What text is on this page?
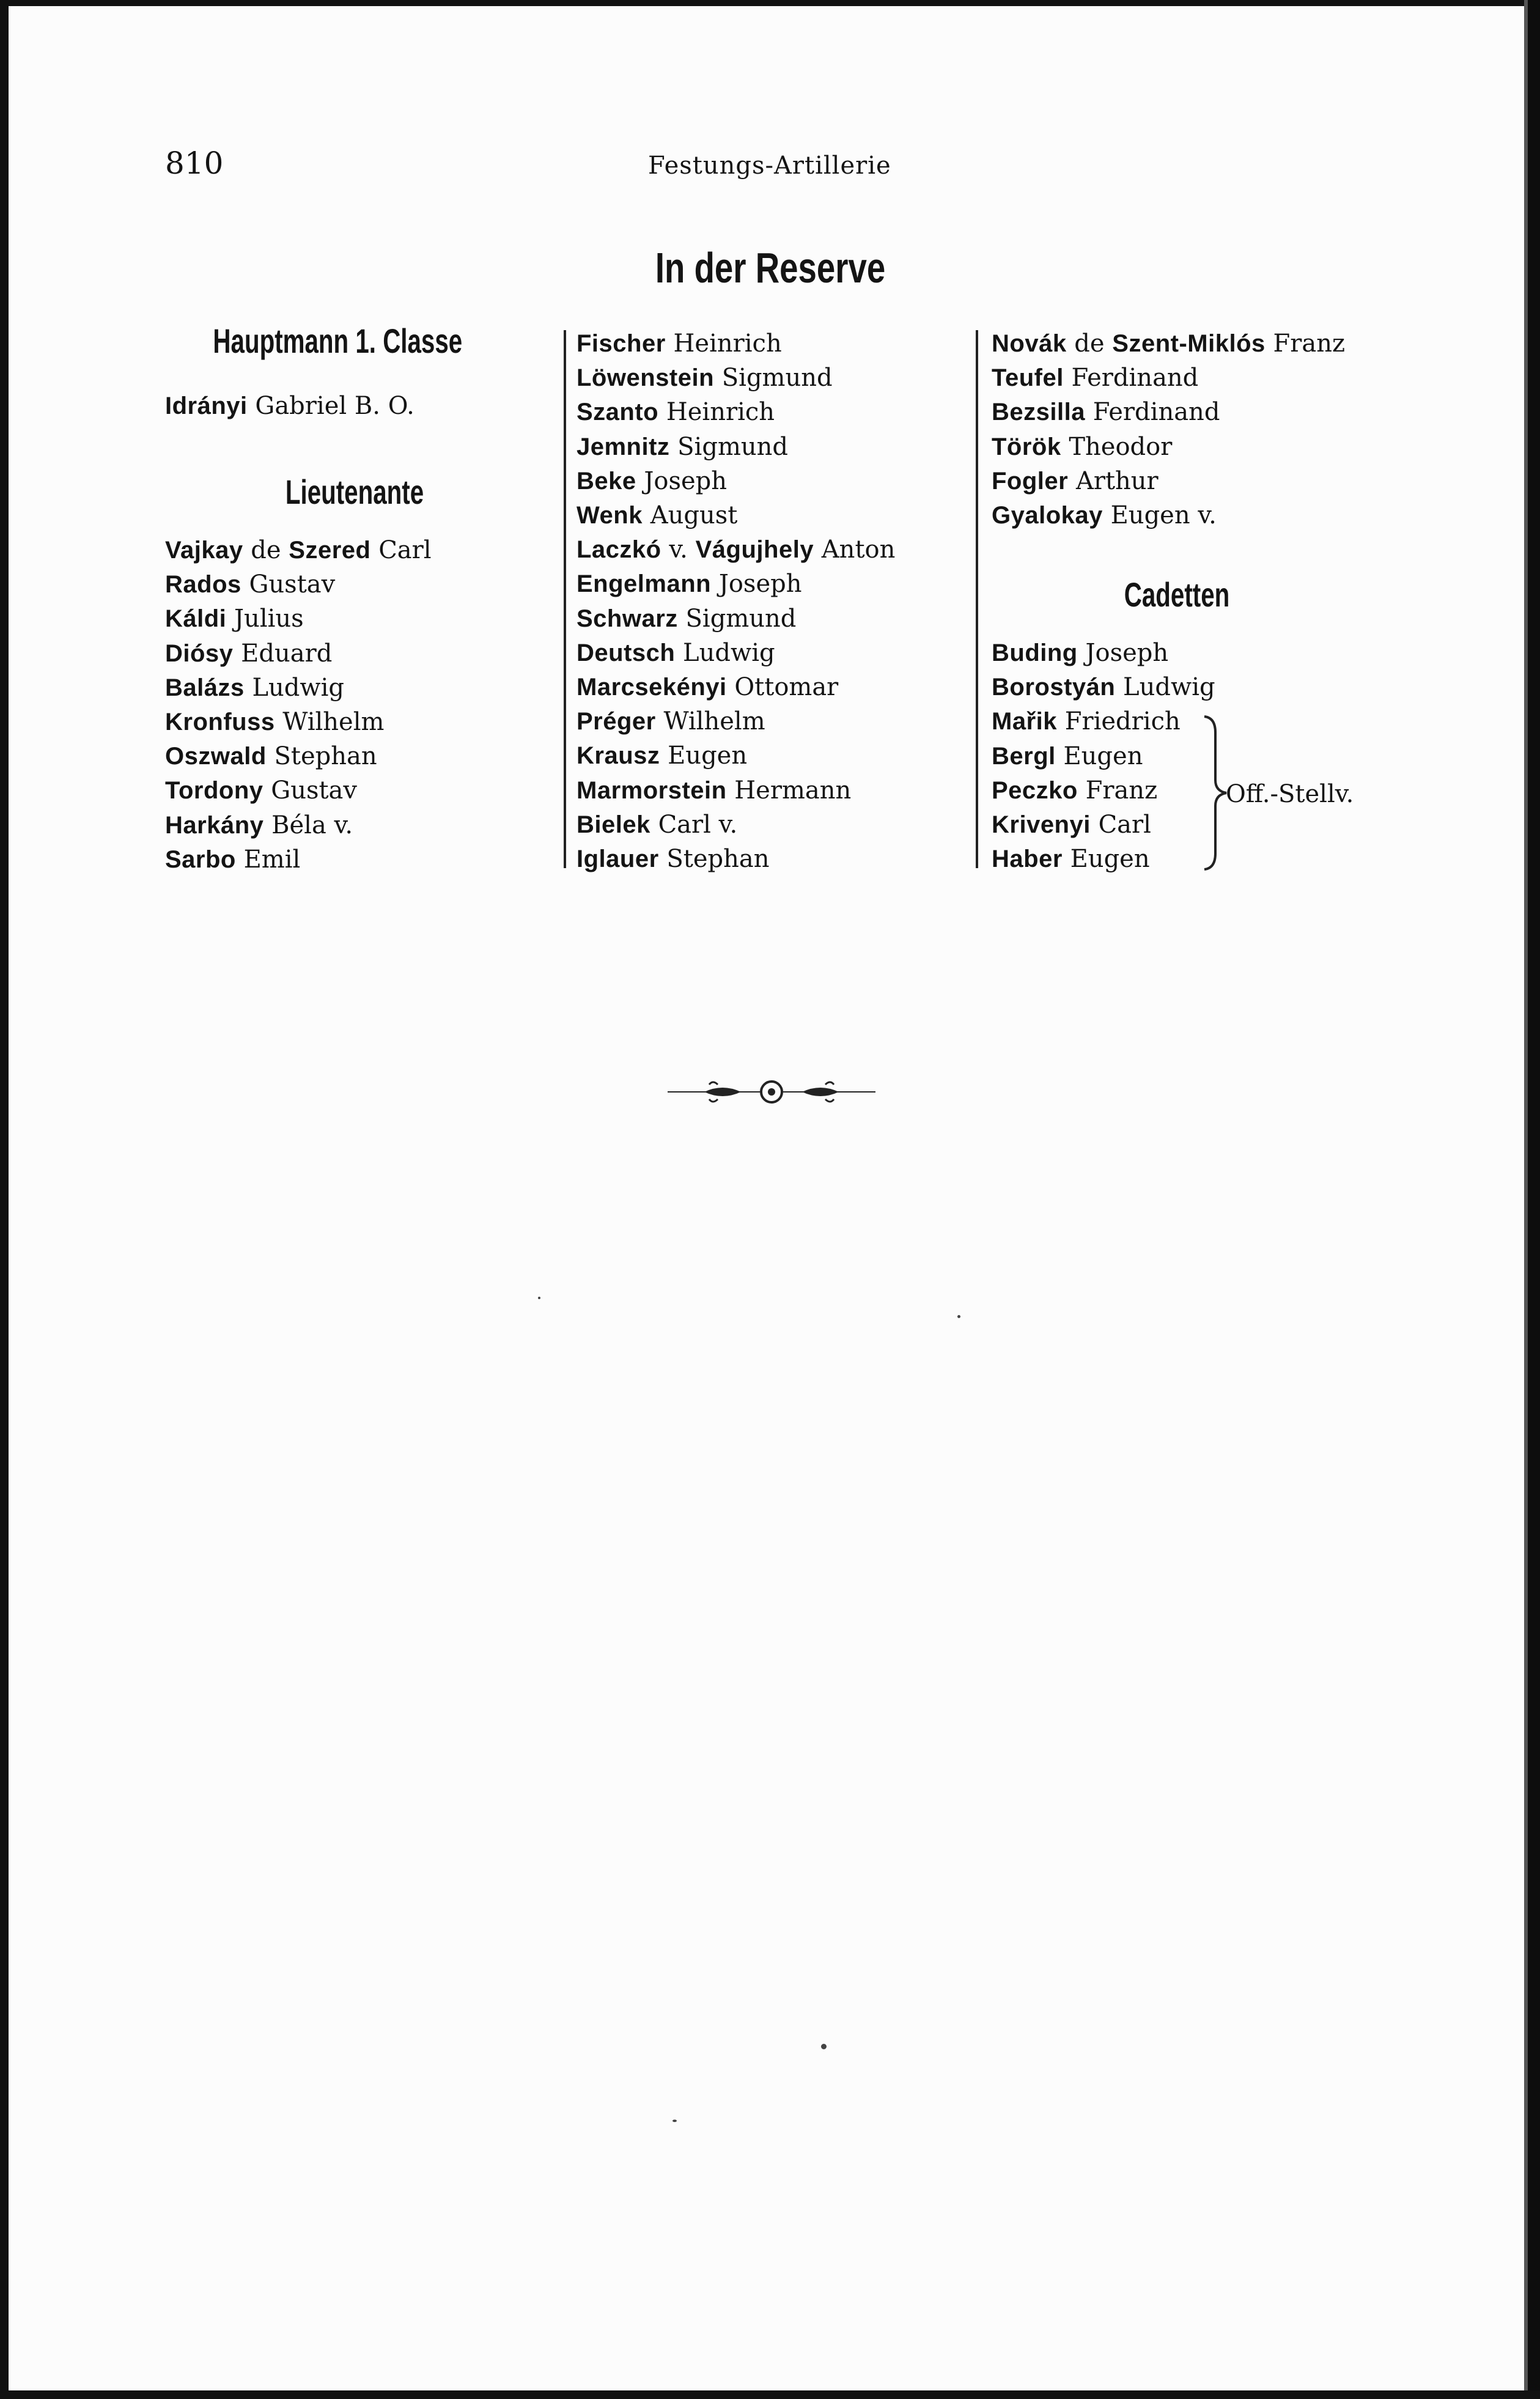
810	Festungs-Artillerie
In der Reserve
Hauptmann 1. Classe
Idrányi Gabriel B. O.
Lieutenante
Vajkay de Szered Carl
Rados Gustav
Káldi Julius
Diósy Eduard
Balázs Ludwig
Kronfuss Wilhelm
Oszwald Stephan
Tordony Gustav
Harkány Béla v.
Sarbo Emil
Fischer Heinrich
Löwenstein Sigmund
Szanto Heinrich
Jemnitz Sigmund
Beke Joseph
Wenk August
Laczkó v. Vágujhely Anton
Engelmann Joseph
Schwarz Sigmund
Deutsch Ludwig
Marcsekényi Ottomar
Préger Wilhelm
Krausz Eugen
Marmorstein Hermann
Bielek Carl v.
Iglauer Stephan
Novák de Szent-Miklós Franz
Teufel Ferdinand
Bezsilla Ferdinand
Török Theodor
Fogler Arthur
Gyalokay Eugen v.
Cadetten
Buding Joseph
Borostyán Ludwig
Mařik Friedrich
Bergl Eugen
Peczko Franz
Krivenyi Carl
Haber Eugen
Off.-Stellv.
